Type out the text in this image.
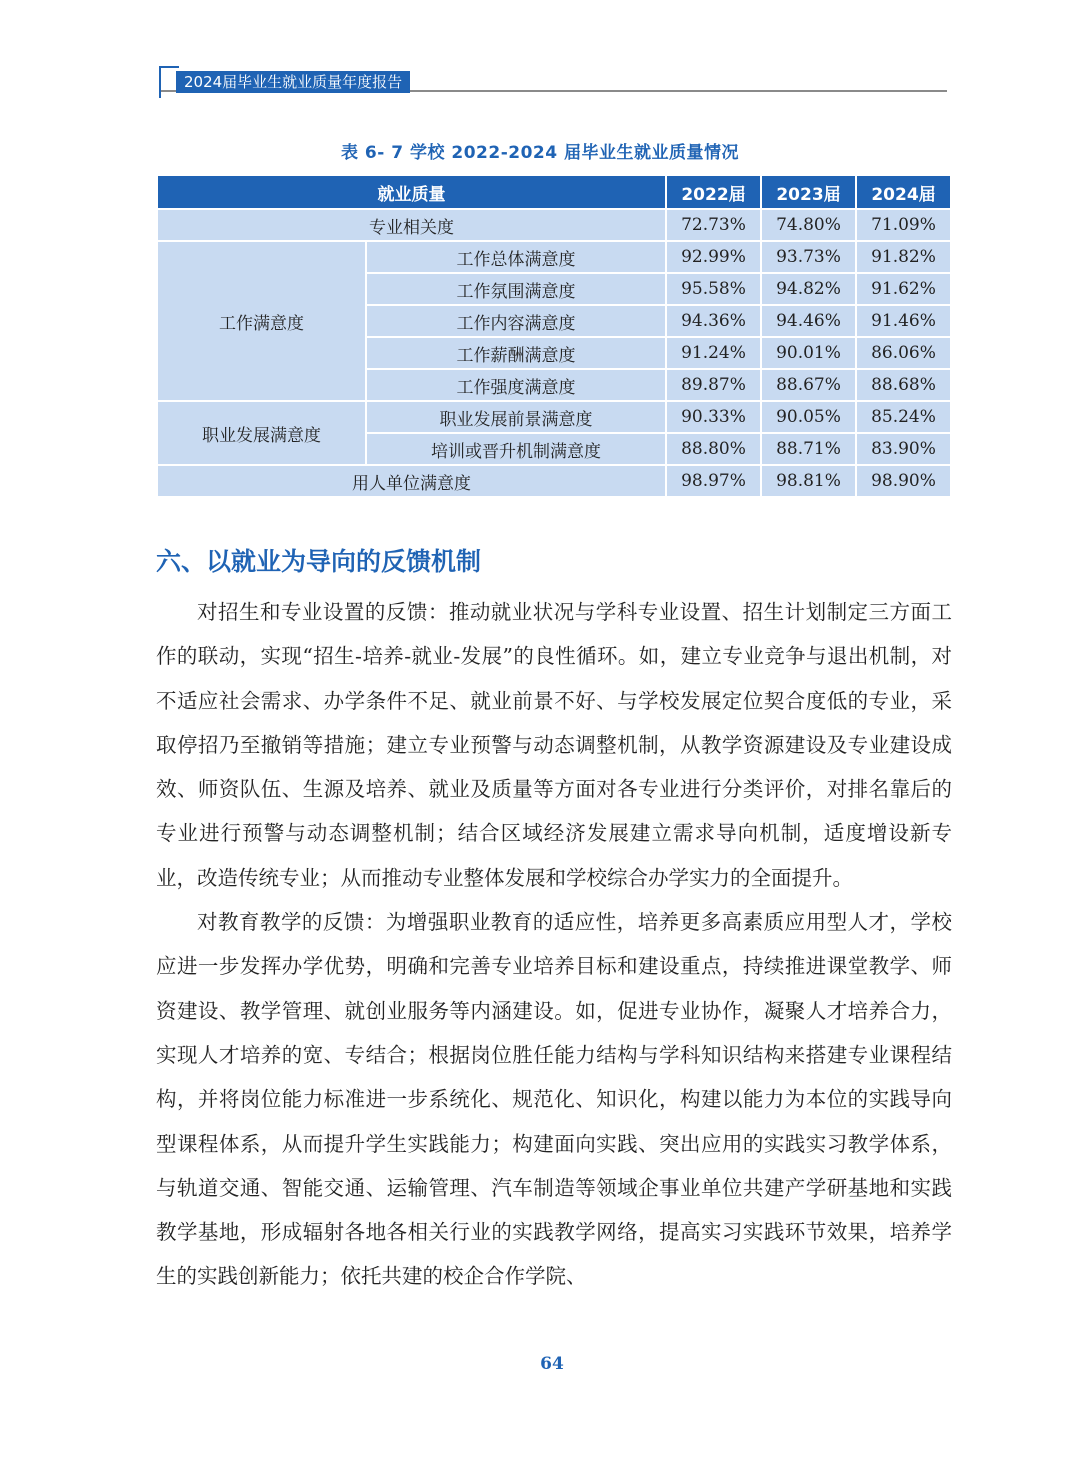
2024届毕业生就业质量年度报告
表 6- 7 学校 2022-2024 届毕业生就业质量情况
就业质量		2022届	2023届	2024届
专业相关度		72.73%	74.80%	71.09%
工作满意度	工作总体满意度	92.99%	93.73%	91.82%
	工作氛围满意度	95.58%	94.82%	91.62%
	工作内容满意度	94.36%	94.46%	91.46%
	工作薪酬满意度	91.24%	90.01%	86.06%
	工作强度满意度	89.87%	88.67%	88.68%
职业发展满意度	职业发展前景满意度	90.33%	90.05%	85.24%
	培训或晋升机制满意度	88.80%	88.71%	83.90%
用人单位满意度		98.97%	98.81%	98.90%
六、以就业为导向的反馈机制

对招生和专业设置的反馈：推动就业状况与学科专业设置、招生计划制定三方面工作的联动，实现“招生-培养-就业-发展”的良性循环。如，建立专业竞争与退出机制，对不适应社会需求、办学条件不足、就业前景不好、与学校发展定位契合度低的专业，采取停招乃至撤销等措施；建立专业预警与动态调整机制，从教学资源建设及专业建设成效、师资队伍、生源及培养、就业及质量等方面对各专业进行分类评价，对排名靠后的专业进行预警与动态调整机制；结合区域经济发展建立需求导向机制，适度增设新专业，改造传统专业；从而推动专业整体发展和学校综合办学实力的全面提升。

对教育教学的反馈：为增强职业教育的适应性，培养更多高素质应用型人才，学校应进一步发挥办学优势，明确和完善专业培养目标和建设重点，持续推进课堂教学、师资建设、教学管理、就创业服务等内涵建设。如，促进专业协作，凝聚人才培养合力，实现人才培养的宽、专结合；根据岗位胜任能力结构与学科知识结构来搭建专业课程结构，并将岗位能力标准进一步系统化、规范化、知识化，构建以能力为本位的实践导向型课程体系，从而提升学生实践能力；构建面向实践、突出应用的实践实习教学体系，与轨道交通、智能交通、运输管理、汽车制造等领域企事业单位共建产学研基地和实践教学基地，形成辐射各地各相关行业的实践教学网络，提高实习实践环节效果，培养学生的实践创新能力；依托共建的校企合作学院、

64
